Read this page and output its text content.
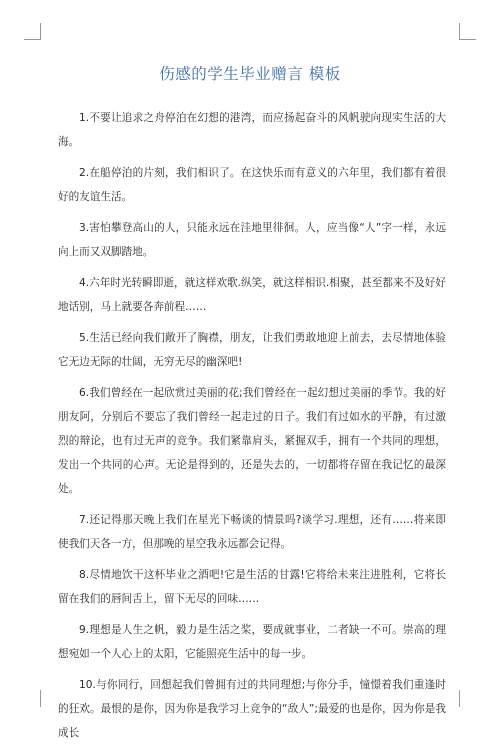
伤感的学生毕业赠言 模板

1.不要让追求之舟停泊在幻想的港湾，而应扬起奋斗的风帆驶向现实生活的大海。

2.在船停泊的片刻，我们相识了。在这快乐而有意义的六年里，我们都有着很好的友谊生活。

3.害怕攀登高山的人，只能永远在洼地里徘徊。人，应当像“人”字一样，永远向上而又双脚踏地。

4.六年时光转瞬即逝，就这样欢歌.纵笑，就这样相识.相聚，甚至都来不及好好地话别，马上就要各奔前程……

5.生活已经向我们敞开了胸襟，朋友，让我们勇敢地迎上前去，去尽情地体验它无边无际的壮阔，无穷无尽的幽深吧!

6.我们曾经在一起欣赏过美丽的花;我们曾经在一起幻想过美丽的季节。我的好朋友阿，分别后不要忘了我们曾经一起走过的日子。我们有过如水的平静，有过激烈的辩论，也有过无声的竞争。我们紧靠肩头，紧握双手，拥有一个共同的理想，发出一个共同的心声。无论是得到的，还是失去的，一切都将存留在我记忆的最深处。

7.还记得那天晚上我们在星光下畅谈的情景吗?谈学习.理想，还有……将来即使我们天各一方，但那晚的星空我永远都会记得。

8.尽情地饮干这杯毕业之酒吧!它是生活的甘露!它将给未来注进胜利，它将长留在我们的唇间舌上，留下无尽的回味……

9.理想是人生之帆，毅力是生活之桨，要成就事业，二者缺一不可。崇高的理想宛如一个人心上的太阳，它能照亮生活中的每一步。

10.与你同行，回想起我们曾拥有过的共同理想;与你分手，憧憬着我们重逢时的狂欢。最恨的是你，因为你是我学习上竞争的“敌人”;最爱的也是你，因为你是我成长
